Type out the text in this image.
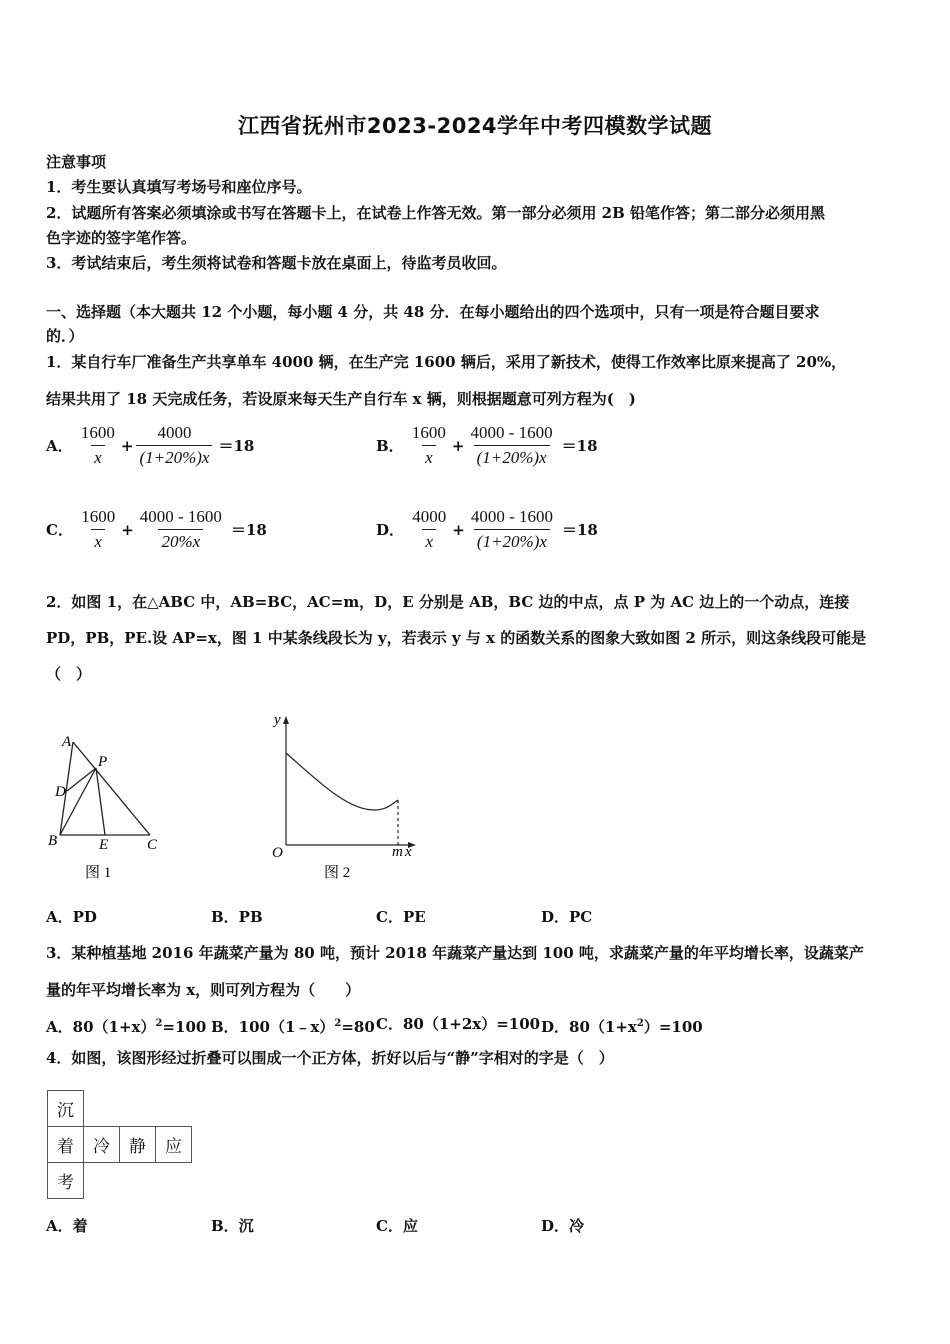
江西省抚州市2023-2024学年中考四模数学试题
注意事项
1．考生要认真填写考场号和座位序号。
2．试题所有答案必须填涂或书写在答题卡上，在试卷上作答无效。第一部分必须用 2B 铅笔作答；第二部分必须用黑
色字迹的签字笔作答。
3．考试结束后，考生须将试卷和答题卡放在桌面上，待监考员收回。
一、选择题（本大题共 12 个小题，每小题 4 分，共 48 分．在每小题给出的四个选项中，只有一项是符合题目要求
的．）
1．某自行车厂准备生产共享单车 4000 辆，在生产完 1600 辆后，采用了新技术，使得工作效率比原来提高了 20%，
结果共用了 18 天完成任务，若设原来每天生产自行车 x 辆，则根据题意可列方程为(　)
A． $\frac{1600}{x} + \frac{4000}{(1+20\%)x} =18$	B． $\frac{1600}{x} + \frac{4000 - 1600}{(1+20\%)x} =18$
C． $\frac{1600}{x} + \frac{4000 - 1600}{20\%x} =18$	D． $\frac{4000}{x} + \frac{4000 - 1600}{(1+20\%)x} =18$
2．如图 1，在△ABC 中，AB=BC，AC=m，D，E 分别是 AB，BC 边的中点，点 P 为 AC 边上的一个动点，连接
PD，PB，PE.设 AP=x，图 1 中某条线段长为 y，若表示 y 与 x 的函数关系的图象大致如图 2 所示，则这条线段可能是
（　）
A
P
D
B	E	C
图 1
y
O	m x
图 2
A．PD	B．PB	C．PE	D．PC
3．某种植基地 2016 年蔬菜产量为 80 吨，预计 2018 年蔬菜产量达到 100 吨，求蔬菜产量的年平均增长率，设蔬菜产
量的年平均增长率为 x，则可列方程为（　　）
A．$80(1+x)^2=100$ B．100（1﹣x）$^2$=80 C．80（1+2x）=100 D．$80(1+x^2)=100$
4．如图，该图形经过折叠可以围成一个正方体，折好以后与“静”字相对的字是（　）
沉			
着	冷	静	应
考			
A．着	B．沉	C．应	D．冷
